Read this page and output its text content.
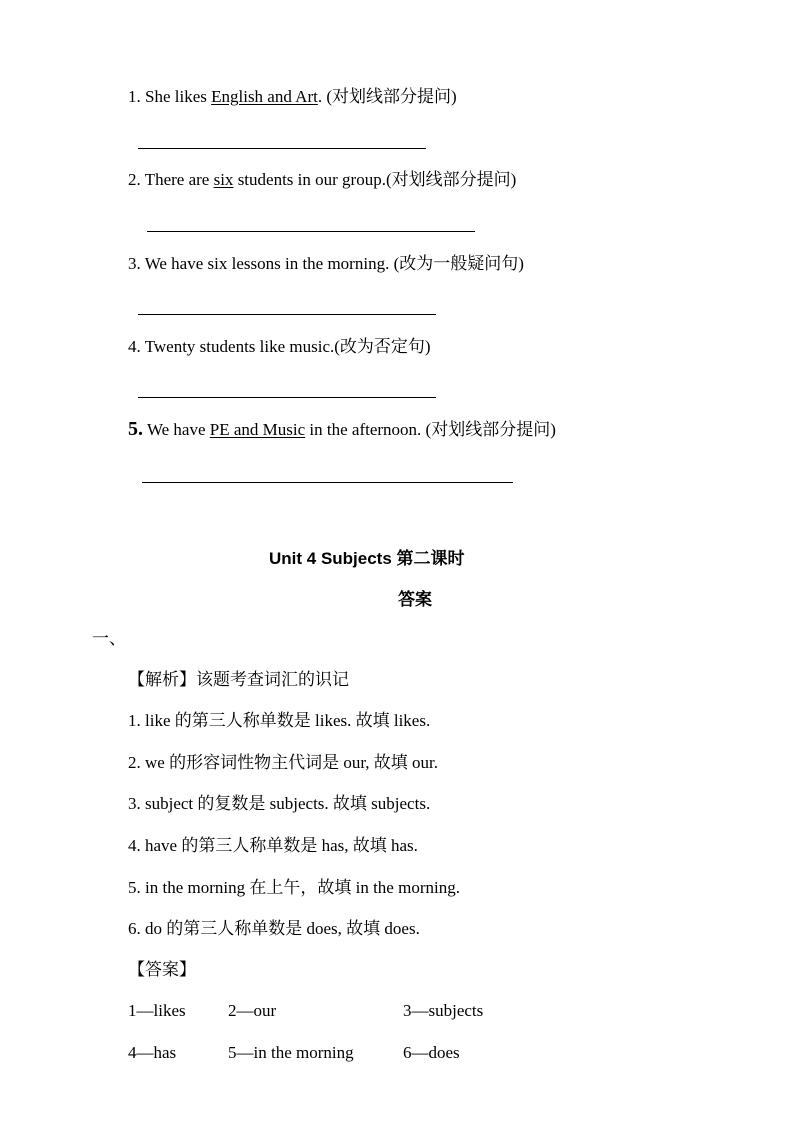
1. She likes English and Art. (对划线部分提问)
2. There are six students in our group.(对划线部分提问)
3. We have six lessons in the morning. (改为一般疑问句)
4. Twenty students like music.(改为否定句)
5. We have PE and Music in the afternoon. (对划线部分提问)
Unit 4 Subjects 第二课时
答案
一、
【解析】该题考查词汇的识记
1. like 的第三人称单数是 likes. 故填 likes.
2. we 的形容词性物主代词是 our, 故填 our.
3. subject 的复数是 subjects. 故填 subjects.
4. have 的第三人称单数是 has, 故填 has.
5. in the morning 在上午，故填 in the morning.
6. do 的第三人称单数是 does, 故填 does.
【答案】
1—likes 2—our	3—subjects
4—has	5—in the morning	6—does
